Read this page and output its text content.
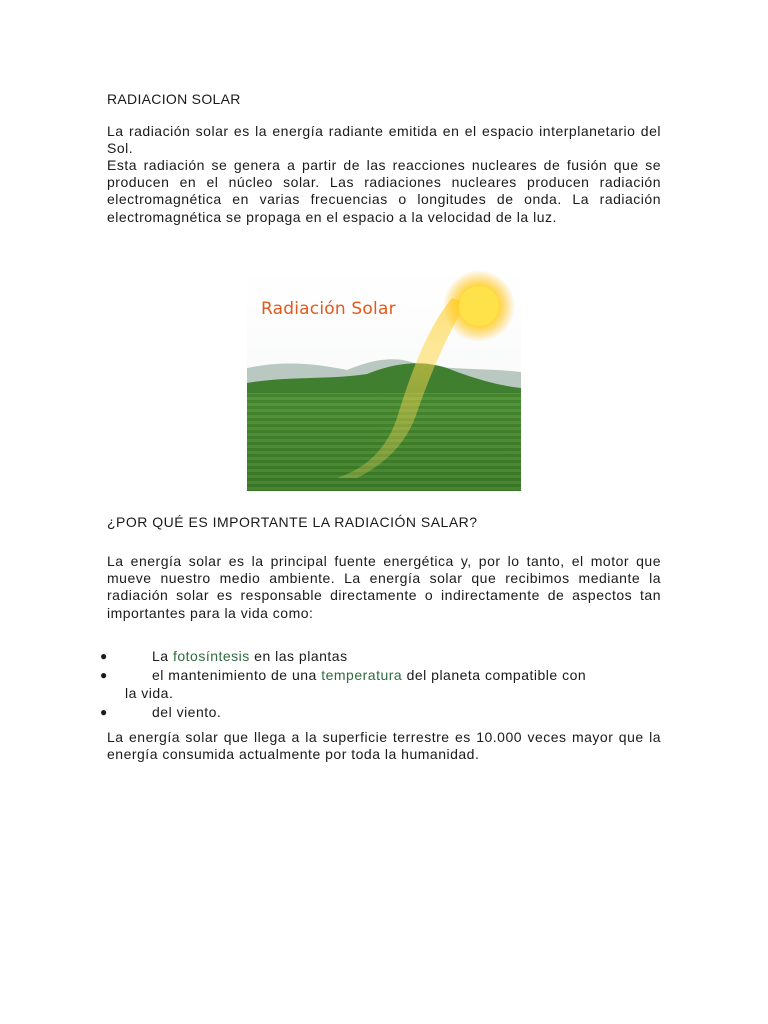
RADIACION SOLAR

La radiación solar es la energía radiante emitida en el espacio interplanetario del Sol.

Esta radiación se genera a partir de las reacciones nucleares de fusión que se producen en el núcleo solar. Las radiaciones nucleares producen radiación electromagnética en varias frecuencias o longitudes de onda. La radiación electromagnética se propaga en el espacio a la velocidad de la luz.

Radiación Solar
¿POR QUÉ ES IMPORTANTE LA RADIACIÓN SALAR?

La energía solar es la principal fuente energética y, por lo tanto, el motor que mueve nuestro medio ambiente. La energía solar que recibimos mediante la radiación solar es responsable directamente o indirectamente de aspectos tan importantes para la vida como:

●	La fotosíntesis en las plantas
●	el mantenimiento de una temperatura del planeta compatible con
la vida.
●	del viento.

La energía solar que llega a la superficie terrestre es 10.000 veces mayor que la energía consumida actualmente por toda la humanidad.
